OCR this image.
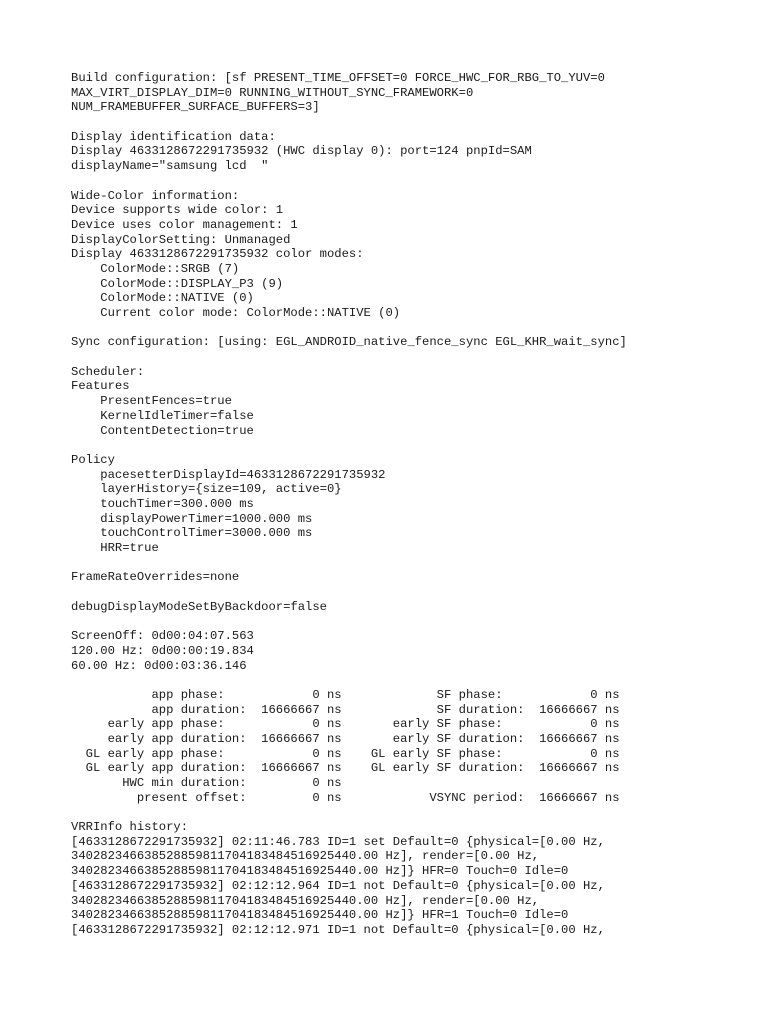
Build configuration: [sf PRESENT_TIME_OFFSET=0 FORCE_HWC_FOR_RBG_TO_YUV=0
MAX_VIRT_DISPLAY_DIM=0 RUNNING_WITHOUT_SYNC_FRAMEWORK=0
NUM_FRAMEBUFFER_SURFACE_BUFFERS=3]
Display identification data:
Display 4633128672291735932 (HWC display 0): port=124 pnpId=SAM
displayName="samsung lcd  "
Wide-Color information:
Device supports wide color: 1
Device uses color management: 1
DisplayColorSetting: Unmanaged
Display 4633128672291735932 color modes:
ColorMode::SRGB (7)
ColorMode::DISPLAY_P3 (9)
ColorMode::NATIVE (0)
Current color mode: ColorMode::NATIVE (0)
Sync configuration: [using: EGL_ANDROID_native_fence_sync EGL_KHR_wait_sync]
Scheduler:
Features
PresentFences=true
KernelIdleTimer=false
ContentDetection=true
Policy
pacesetterDisplayId=4633128672291735932
layerHistory={size=109, active=0}
touchTimer=300.000 ms
displayPowerTimer=1000.000 ms
touchControlTimer=3000.000 ms
HRR=true
FrameRateOverrides=none
debugDisplayModeSetByBackdoor=false
ScreenOff: 0d00:04:07.563
120.00 Hz: 0d00:00:19.834
60.00 Hz: 0d00:03:36.146
app phase:            0 ns             SF phase:            0 ns
app duration:  16666667 ns             SF duration:  16666667 ns
early app phase:            0 ns       early SF phase:            0 ns
early app duration:  16666667 ns       early SF duration:  16666667 ns
GL early app phase:            0 ns    GL early SF phase:            0 ns
GL early app duration:  16666667 ns    GL early SF duration:  16666667 ns
HWC min duration:         0 ns
present offset:         0 ns            VSYNC period:  16666667 ns
VRRInfo history:
[4633128672291735932] 02:11:46.783 ID=1 set Default=0 {physical=[0.00 Hz,
340282346638528859811704183484516925440.00 Hz], render=[0.00 Hz,
340282346638528859811704183484516925440.00 Hz]} HFR=0 Touch=0 Idle=0
[4633128672291735932] 02:12:12.964 ID=1 not Default=0 {physical=[0.00 Hz,
340282346638528859811704183484516925440.00 Hz], render=[0.00 Hz,
340282346638528859811704183484516925440.00 Hz]} HFR=1 Touch=0 Idle=0
[4633128672291735932] 02:12:12.971 ID=1 not Default=0 {physical=[0.00 Hz,
